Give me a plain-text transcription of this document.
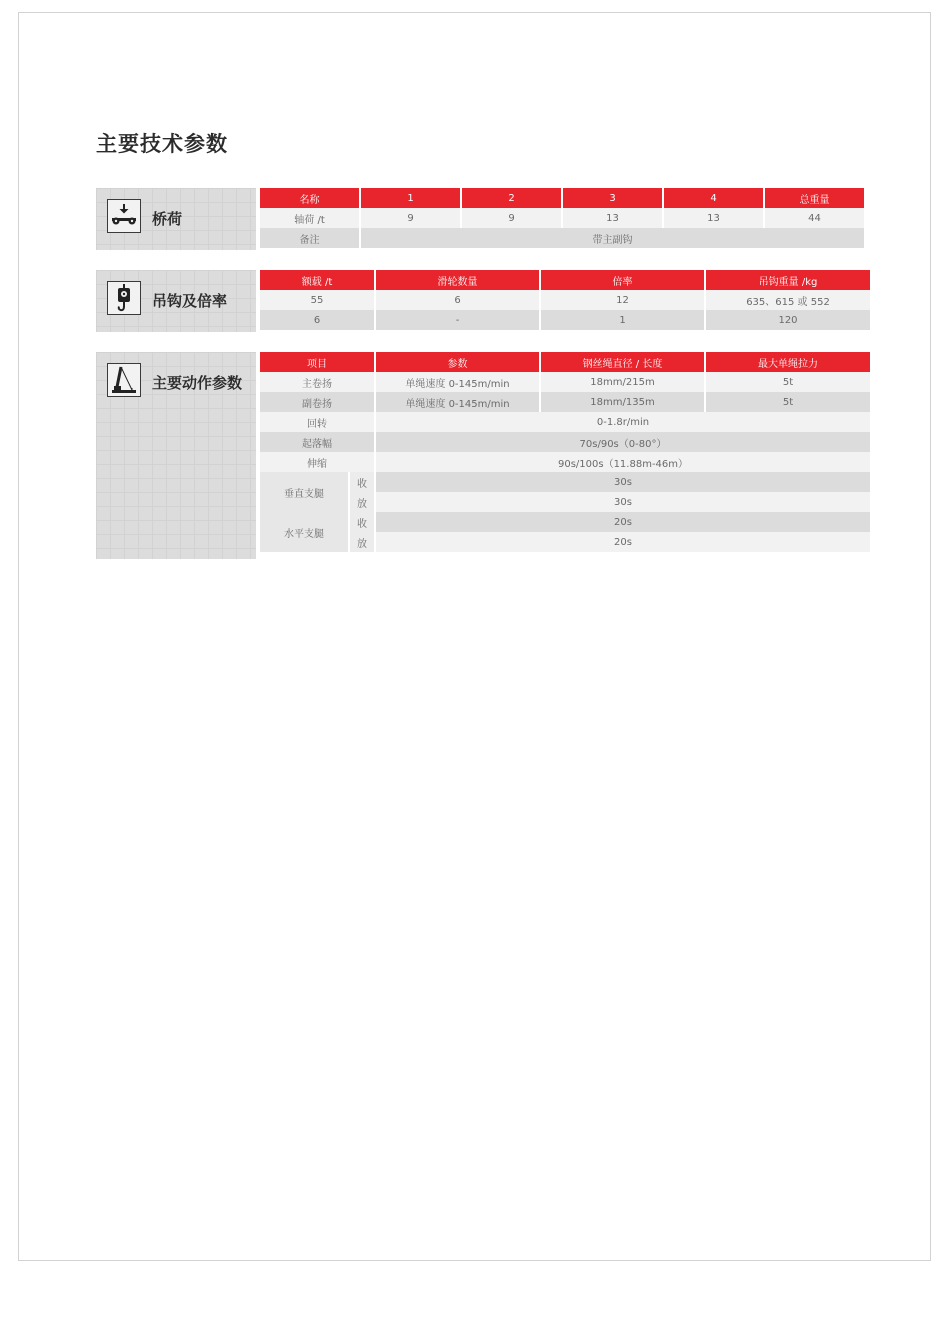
主要技术参数
桥荷
名称	1	2	3	4	总重量
轴荷 /t	9	9	13	13	44
备注	带主副钩				
吊钩及倍率
额载 /t	滑轮数量	倍率	吊钩重量 /kg
55	6	12	635、615 或 552
6	-	1	120
主要动作参数
项目		参数	钢丝绳直径 / 长度	最大单绳拉力
主卷扬		单绳速度 0-145m/min	18mm/215m	5t
副卷扬		单绳速度 0-145m/min	18mm/135m	5t
回转		0-1.8r/min		
起落幅		70s/90s（0-80°）		
伸缩		90s/100s（11.88m-46m）		
垂直支腿	收	30s		
	放	30s		
水平支腿	收	20s		
	放	20s		
